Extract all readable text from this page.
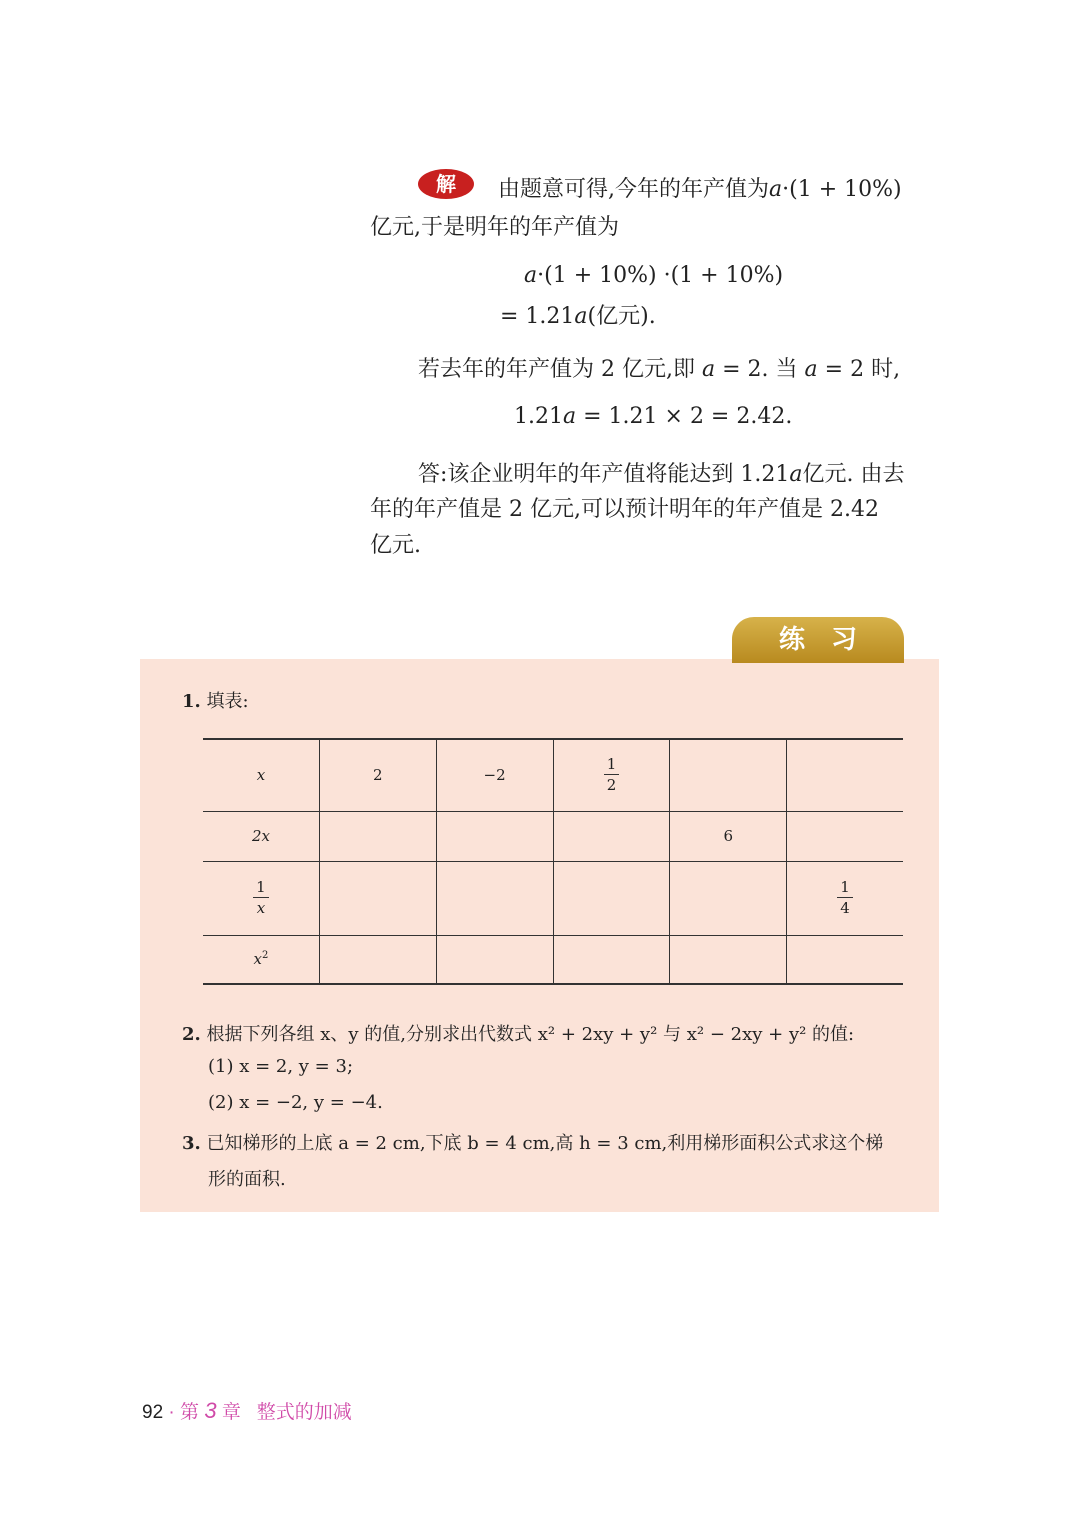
解	由题意可得,今年的年产值为a·(1 + 10%)
亿元,于是明年的年产值为
a·(1 + 10%) ·(1 + 10%)
= 1.21a(亿元).
若去年的年产值为 2 亿元,即 a = 2. 当 a = 2 时,
1.21a = 1.21 × 2 = 2.42.
答:该企业明年的年产值将能达到 1.21a亿元. 由去
年的年产值是 2 亿元,可以预计明年的年产值是 2.42
亿元.
练习
1. 填表:
x	2	−2	$\frac{1}{2}$

2x				6	

$\frac{1}{x}$					$\frac{1}{4}$

$x^2$					
2. 根据下列各组 x、y 的值,分别求出代数式 x² + 2xy + y² 与 x² − 2xy + y² 的值:
(1) x = 2, y = 3;
(2) x = −2, y = −4.
3. 已知梯形的上底 a = 2 cm,下底 b = 4 cm,高 h = 3 cm,利用梯形面积公式求这个梯
形的面积.
92 · 第 3 章 整式的加减
